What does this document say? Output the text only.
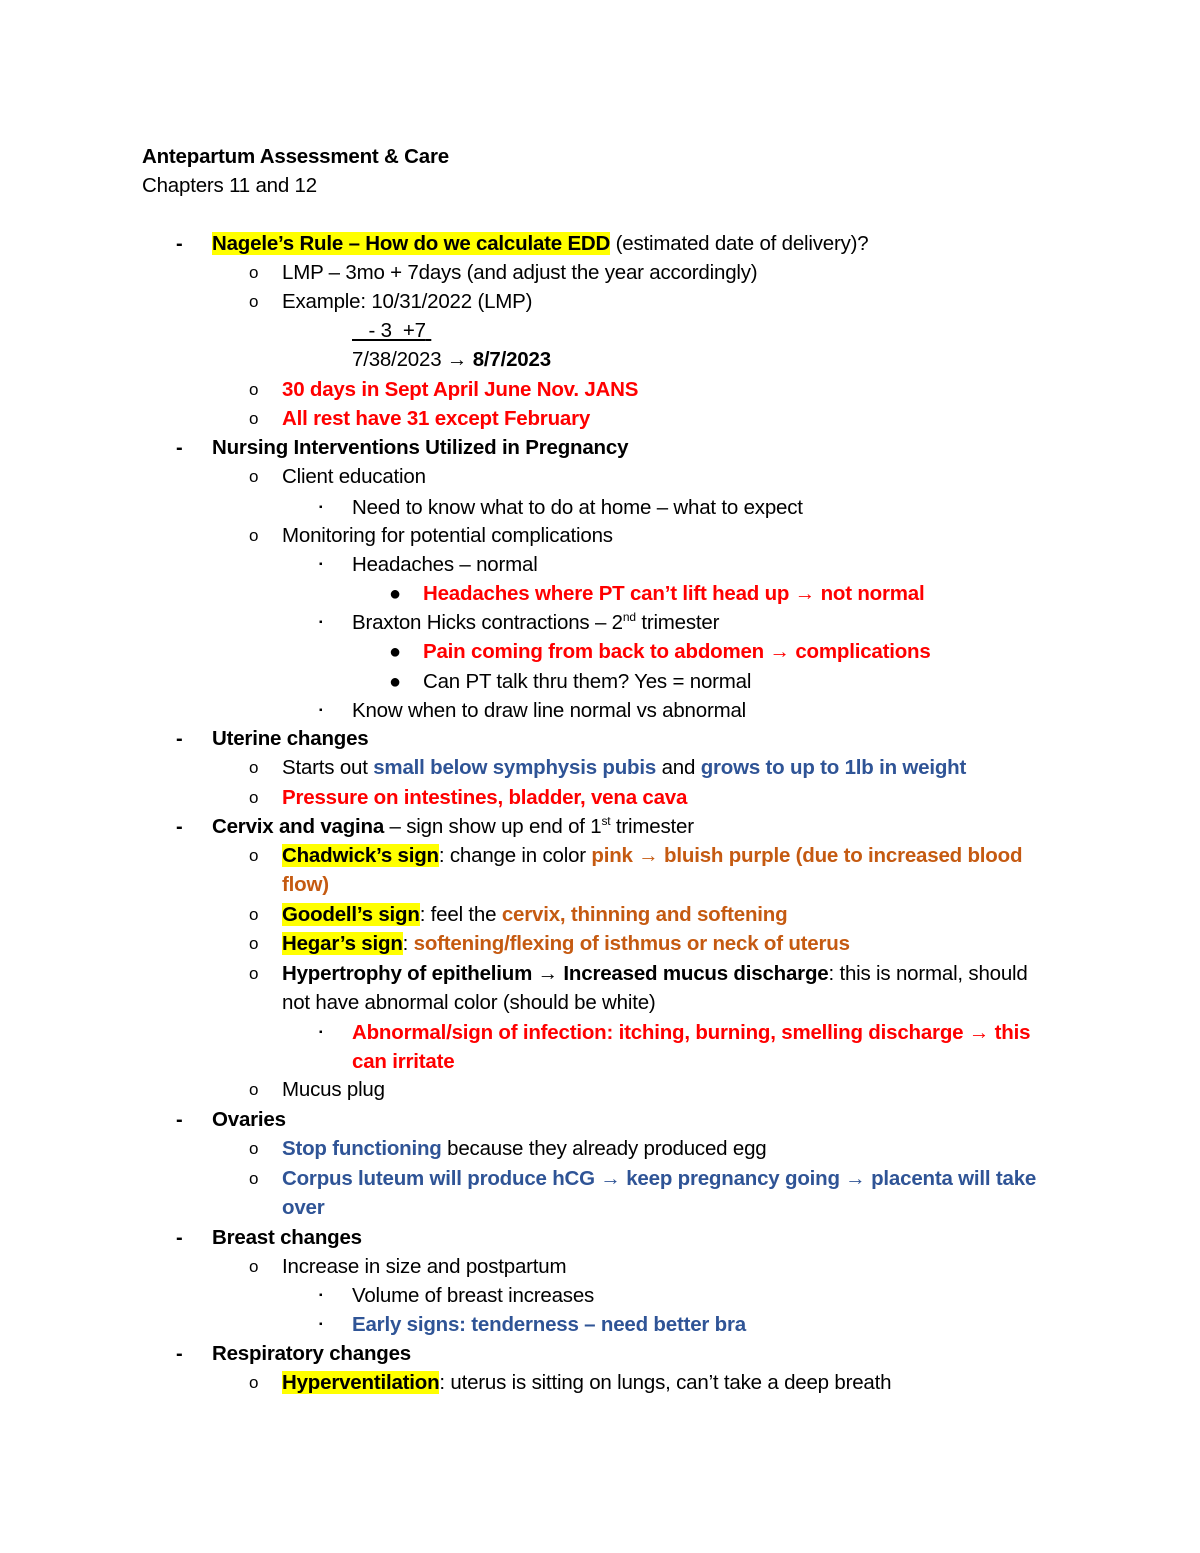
Antepartum Assessment & Care
Chapters 11 and 12
- Nagele’s Rule – How do we calculate EDD (estimated date of delivery)?
o LMP – 3mo + 7days (and adjust the year accordingly)
o Example: 10/31/2022 (LMP)
- 3  +7
7/38/2023 → 8/7/2023
o 30 days in Sept April June Nov. JANS
o All rest have 31 except February
- Nursing Interventions Utilized in Pregnancy
o Client education
▪ Need to know what to do at home – what to expect
o Monitoring for potential complications
▪ Headaches – normal
● Headaches where PT can’t lift head up → not normal
▪ Braxton Hicks contractions – 2nd trimester
● Pain coming from back to abdomen → complications
● Can PT talk thru them? Yes = normal
▪ Know when to draw line normal vs abnormal
- Uterine changes
o Starts out small below symphysis pubis and grows to up to 1lb in weight
o Pressure on intestines, bladder, vena cava
- Cervix and vagina – sign show up end of 1st trimester
o Chadwick’s sign: change in color pink → bluish purple (due to increased blood
flow)
o Goodell’s sign: feel the cervix, thinning and softening
o Hegar’s sign: softening/flexing of isthmus or neck of uterus
o Hypertrophy of epithelium → Increased mucus discharge: this is normal, should
not have abnormal color (should be white)
▪ Abnormal/sign of infection: itching, burning, smelling discharge → this
can irritate
o Mucus plug
- Ovaries
o Stop functioning because they already produced egg
o Corpus luteum will produce hCG → keep pregnancy going → placenta will take
over
- Breast changes
o Increase in size and postpartum
▪ Volume of breast increases
▪ Early signs: tenderness – need better bra
- Respiratory changes
o Hyperventilation: uterus is sitting on lungs, can’t take a deep breath
